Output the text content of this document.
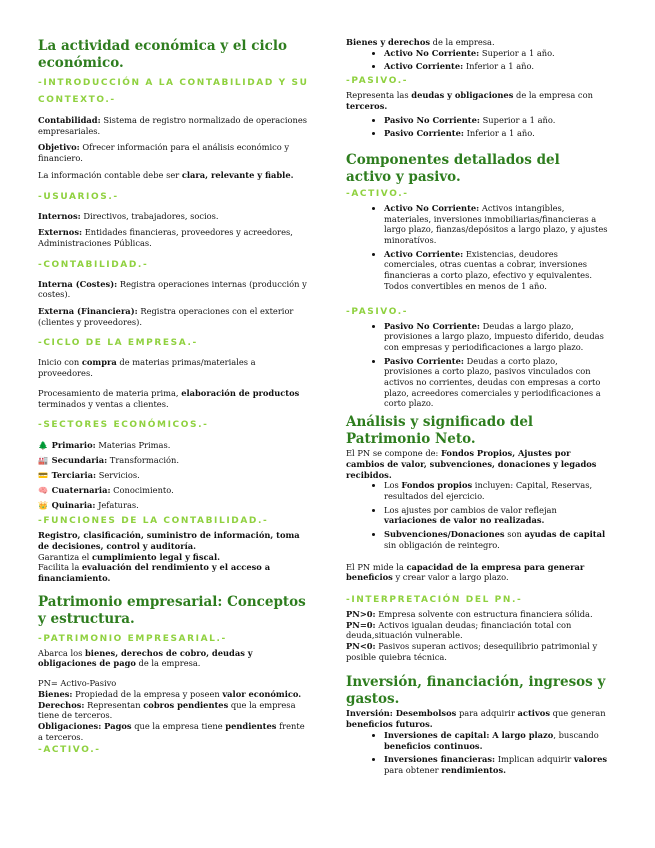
La actividad económica y el ciclo económico.
-INTRODUCCIÓN A LA CONTABILIDAD Y SU CONTEXTO.-

Contabilidad: Sistema de registro normalizado de operaciones empresariales.

Objetivo: Ofrecer información para el análisis económico y financiero.

La información contable debe ser clara, relevante y fiable.

-USUARIOS.-

Internos: Directivos, trabajadores, socios.

Externos: Entidades financieras, proveedores y acreedores, Administraciones Públicas.

-CONTABILIDAD.-

Interna (Costes): Registra operaciones internas (producción y costes).

Externa (Financiera): Registra operaciones con el exterior (clientes y proveedores).

-CICLO DE LA EMPRESA.-

Inicio con compra de materias primas/materiales a proveedores.

Procesamiento de materia prima, elaboración de productos terminados y ventas a clientes.

-SECTORES ECONÓMICOS.-

🌲 Primario: Materias Primas.

🏭 Secundaria: Transformación.

💳 Terciaria: Servicios.

🧠 Cuaternaria: Conocimiento.

👑 Quinaria: Jefaturas.

-FUNCIONES DE LA CONTABILIDAD.-

Registro, clasificación, suministro de información, toma de decisiones, control y auditoría.

Garantiza el cumplimiento legal y fiscal.

Facilita la evaluación del rendimiento y el acceso a financiamiento.

Patrimonio empresarial: Conceptos y estructura.
-PATRIMONIO EMPRESARIAL.-

Abarca los bienes, derechos de cobro, deudas y obligaciones de pago de la empresa.

PN= Activo-Pasivo

Bienes: Propiedad de la empresa y poseen valor económico.

Derechos: Representan cobros pendientes que la empresa tiene de terceros.

Obligaciones: Pagos que la empresa tiene pendientes frente a terceros.

-ACTIVO.-

Bienes y derechos de la empresa.

• Activo No Corriente: Superior a 1 año.
• Activo Corriente: Inferior a 1 año.
-PASIVO.-

Representa las deudas y obligaciones de la empresa con terceros.

• Pasivo No Corriente: Superior a 1 año.
• Pasivo Corriente: Inferior a 1 año.
Componentes detallados del activo y pasivo.
-ACTIVO.-
• Activo No Corriente: Activos intangibles, materiales, inversiones inmobiliarias/financieras a largo plazo, fianzas/depósitos a largo plazo, y ajustes minoratívos.
• Activo Corriente: Existencias, deudores comerciales, otras cuentas a cobrar, inversiones financieras a corto plazo, efectivo y equivalentes. Todos convertibles en menos de 1 año.
-PASIVO.-
• Pasivo No Corriente: Deudas a largo plazo, provisiones a largo plazo, impuesto diferido, deudas con empresas y periodificaciones a largo plazo.
• Pasivo Corriente: Deudas a corto plazo, provisiones a corto plazo, pasivos vinculados con activos no corrientes, deudas con empresas a corto plazo, acreedores comerciales y periodificaciones a corto plazo.
Análisis y significado del Patrimonio Neto.

El PN se compone de: Fondos Propios, Ajustes por cambios de valor, subvenciones, donaciones y legados recibidos.

• Los Fondos propios incluyen: Capital, Reservas, resultados del ejercicio.
• Los ajustes por cambios de valor reflejan variaciones de valor no realizadas.
• Subvenciones/Donaciones son ayudas de capital sin obligación de reintegro.

El PN mide la capacidad de la empresa para generar beneficios y crear valor a largo plazo.

-INTERPRETACIÓN DEL PN.-

PN>0: Empresa solvente con estructura financiera sólida.

PN=0: Activos igualan deudas; financiación total con deuda,situación vulnerable.

PN<0: Pasivos superan activos; desequilibrio patrimonial y posible quiebra técnica.

Inversión, financiación, ingresos y gastos.

Inversión: Desembolsos para adquirir activos que generan beneficios futuros.

• Inversiones de capital: A largo plazo, buscando beneficios continuos.
• Inversiones financieras: Implican adquirir valores para obtener rendimientos.
